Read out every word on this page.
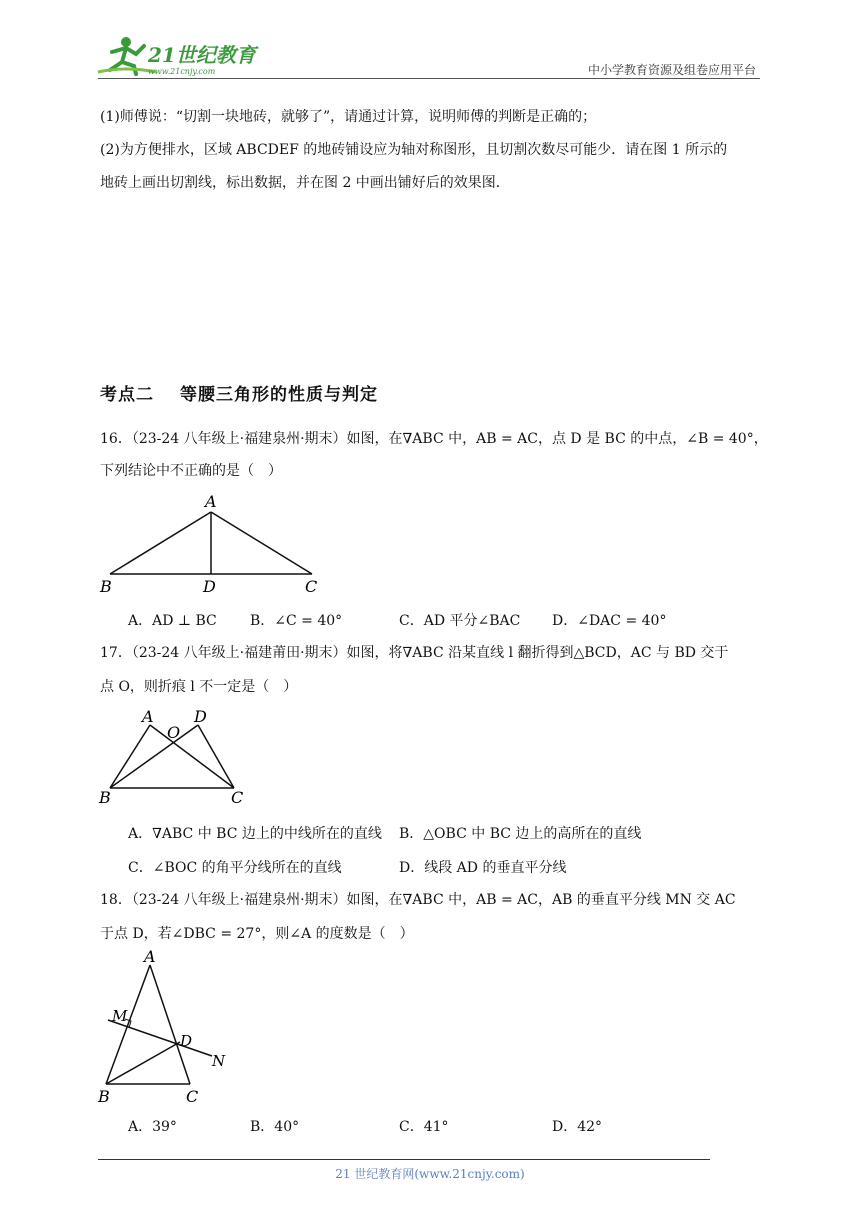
21世纪教育
www.21cnjy.com	中小学教育资源及组卷应用平台
(1)师傅说：“切割一块地砖，就够了”，请通过计算，说明师傅的判断是正确的；
(2)为方便排水，区域 ABCDEF 的地砖铺设应为轴对称图形，且切割次数尽可能少．请在图 1 所示的
地砖上画出切割线，标出数据，并在图 2 中画出铺好后的效果图．
考点二 等腰三角形的性质与判定
16．（23-24 八年级上·福建泉州·期末）如图，在∇ABC 中，AB = AC，点 D 是 BC 的中点，∠B = 40°，
下列结论中不正确的是（　）
A
B	C
D
A．AD ⊥ BC B．∠C = 40°	C．AD 平分∠BAC D．∠DAC = 40°
17．（23-24 八年级上·福建莆田·期末）如图，将∇ABC 沿某直线 l 翻折得到△BCD，AC 与 BD 交于
点 O，则折痕 l 不一定是（　）
A	D
O
B	C
A．∇ABC 中 BC 边上的中线所在的直线 B．△OBC 中 BC 边上的高所在的直线
C．∠BOC 的角平分线所在的直线	D．线段 AD 的垂直平分线
18．（23-24 八年级上·福建泉州·期末）如图，在∇ABC 中，AB = AC，AB 的垂直平分线 MN 交 AC
于点 D，若∠DBC = 27°，则∠A 的度数是（　）
A
M
D
N
B	C
A．39°	B．40°	C．41°	D．42°
21 世纪教育网(www.21cnjy.com)
